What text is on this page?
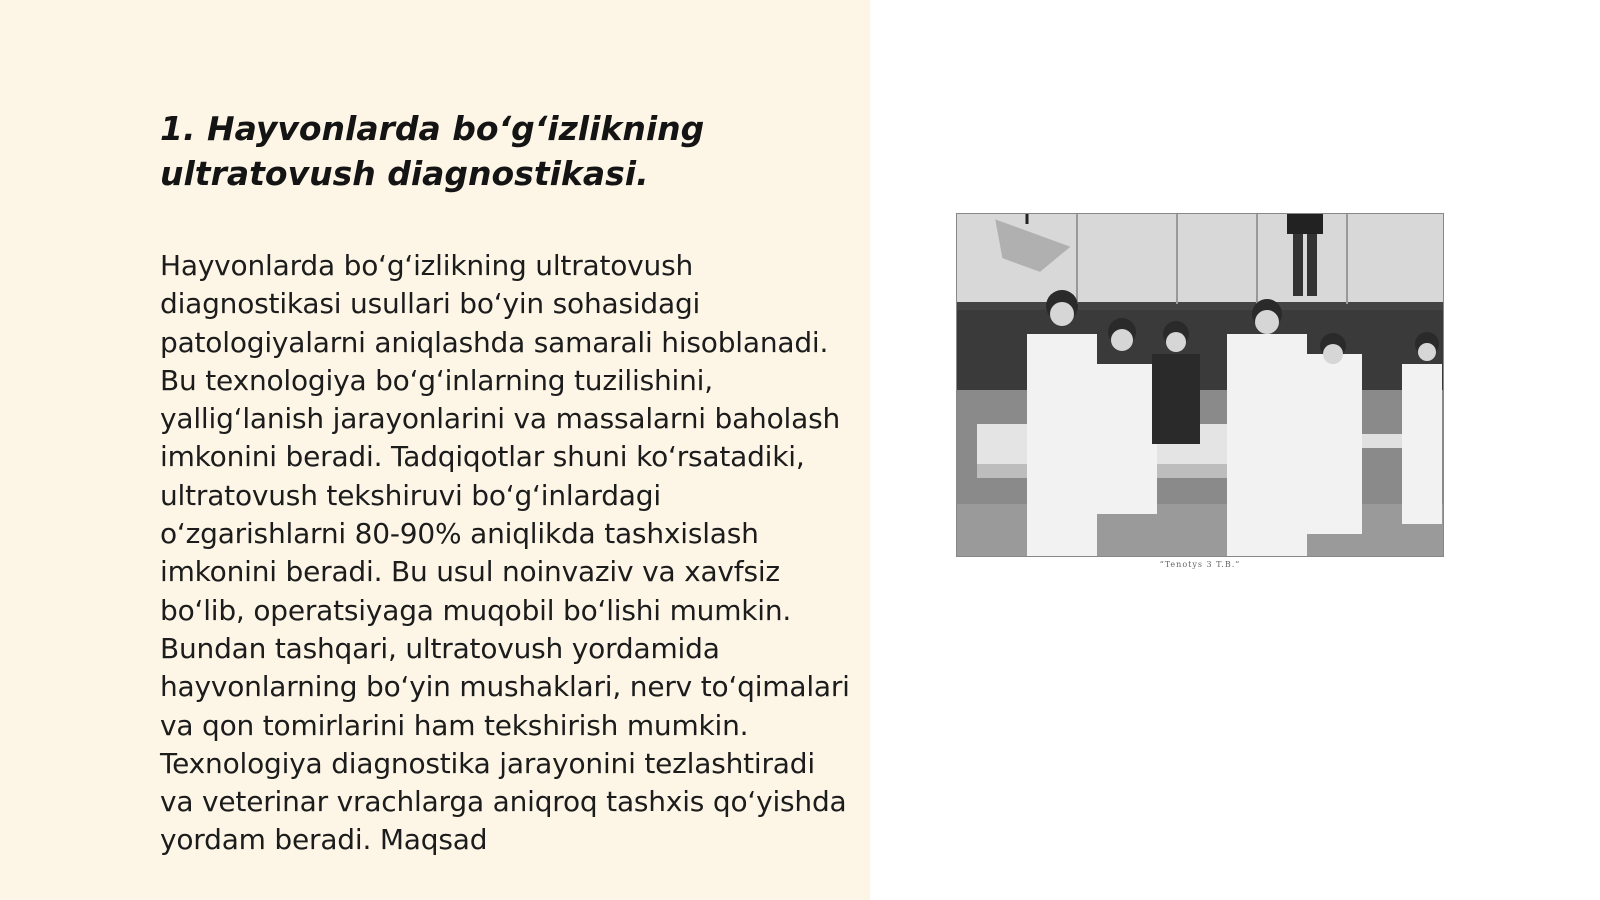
1. Hayvonlarda bo‘g‘izlikning ultratovush diagnostikasi.

Hayvonlarda bo‘g‘izlikning ultratovush diagnostikasi usullari bo‘yin sohasidagi patologiyalarni aniqlashda samarali hisoblanadi. Bu texnologiya bo‘g‘inlarning tuzilishini, yallig‘lanish jarayonlarini va massalarni baholash imkonini beradi. Tadqiqotlar shuni ko‘rsatadiki, ultratovush tekshiruvi bo‘g‘inlardagi o‘zgarishlarni 80-90% aniqlikda tashxislash imkonini beradi. Bu usul noinvaziv va xavfsiz bo‘lib, operatsiyaga muqobil bo‘lishi mumkin. Bundan tashqari, ultratovush yordamida hayvonlarning bo‘yin mushaklari, nerv to‘qimalari va qon tomirlarini ham tekshirish mumkin. Texnologiya diagnostika jarayonini tezlashtiradi va veterinar vrachlarga aniqroq tashxis qo‘yishda yordam beradi. Maqsad

“Tenotys 3 T.B.”
